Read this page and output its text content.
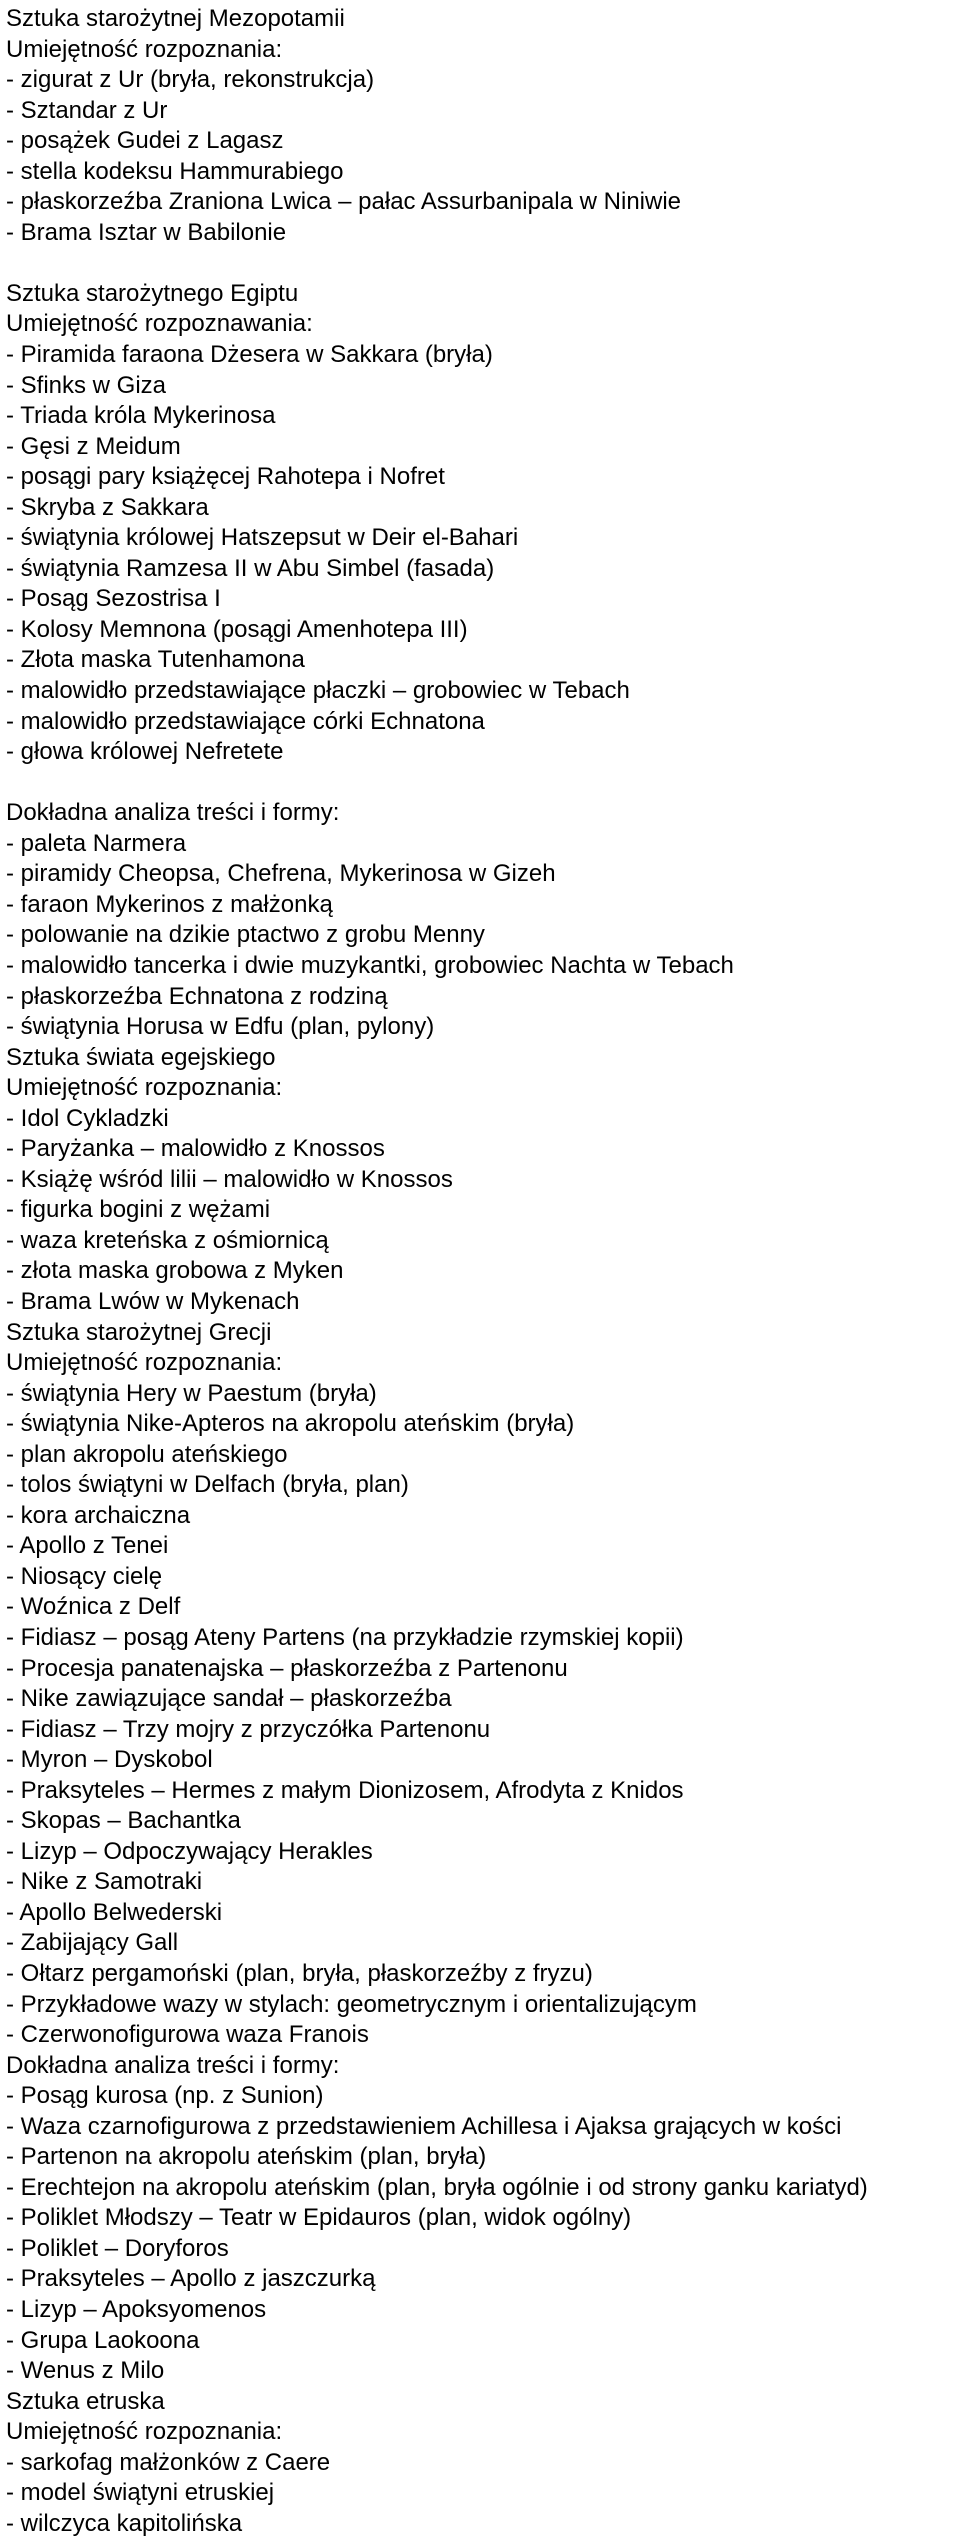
Sztuka starożytnej Mezopotamii
Umiejętność rozpoznania:
- zigurat z Ur (bryła, rekonstrukcja)
- Sztandar z Ur
- posążek Gudei z Lagasz
- stella kodeksu Hammurabiego
- płaskorzeźba Zraniona Lwica – pałac Assurbanipala w Niniwie
- Brama Isztar w Babilonie
Sztuka starożytnego Egiptu
Umiejętność rozpoznawania:
- Piramida faraona Dżesera w Sakkara (bryła)
- Sfinks w Giza
- Triada króla Mykerinosa
- Gęsi z Meidum
- posągi pary książęcej Rahotepa i Nofret
- Skryba z Sakkara
- świątynia królowej Hatszepsut w Deir el-Bahari
- świątynia Ramzesa II w Abu Simbel (fasada)
- Posąg Sezostrisa I
- Kolosy Memnona (posągi Amenhotepa III)
- Złota maska Tutenhamona
- malowidło przedstawiające płaczki – grobowiec w Tebach
- malowidło przedstawiające córki Echnatona
- głowa królowej Nefretete
Dokładna analiza treści i formy:
- paleta Narmera
- piramidy Cheopsa, Chefrena, Mykerinosa w Gizeh
- faraon Mykerinos z małżonką
- polowanie na dzikie ptactwo z grobu Menny
- malowidło tancerka i dwie muzykantki, grobowiec Nachta w Tebach
- płaskorzeźba Echnatona z rodziną
- świątynia Horusa w Edfu (plan, pylony)
Sztuka świata egejskiego
Umiejętność rozpoznania:
- Idol Cykladzki
- Paryżanka – malowidło z Knossos
- Książę wśród lilii – malowidło w Knossos
- figurka bogini z wężami
- waza kreteńska z ośmiornicą
- złota maska grobowa z Myken
- Brama Lwów w Mykenach
Sztuka starożytnej Grecji
Umiejętność rozpoznania:
- świątynia Hery w Paestum (bryła)
- świątynia Nike-Apteros na akropolu ateńskim (bryła)
- plan akropolu ateńskiego
- tolos świątyni w Delfach (bryła, plan)
- kora archaiczna
- Apollo z Tenei
- Niosący cielę
- Woźnica z Delf
- Fidiasz – posąg Ateny Partens (na przykładzie rzymskiej kopii)
- Procesja panatenajska – płaskorzeźba z Partenonu
- Nike zawiązujące sandał – płaskorzeźba
- Fidiasz – Trzy mojry z przyczółka Partenonu
- Myron – Dyskobol
- Praksyteles – Hermes z małym Dionizosem, Afrodyta z Knidos
- Skopas – Bachantka
- Lizyp – Odpoczywający Herakles
- Nike z Samotraki
- Apollo Belwederski
- Zabijający Gall
- Ołtarz pergamoński (plan, bryła, płaskorzeźby z fryzu)
- Przykładowe wazy w stylach: geometrycznym i orientalizującym
- Czerwonofigurowa waza Franois
Dokładna analiza treści i formy:
- Posąg kurosa (np. z Sunion)
- Waza czarnofigurowa z przedstawieniem Achillesa i Ajaksa grających w kości
- Partenon na akropolu ateńskim (plan, bryła)
- Erechtejon na akropolu ateńskim (plan, bryła ogólnie i od strony ganku kariatyd)
- Poliklet Młodszy – Teatr w Epidauros (plan, widok ogólny)
- Poliklet – Doryforos
- Praksyteles – Apollo z jaszczurką
- Lizyp – Apoksyomenos
- Grupa Laokoona
- Wenus z Milo
Sztuka etruska
Umiejętność rozpoznania:
- sarkofag małżonków z Caere
- model świątyni etruskiej
- wilczyca kapitolińska
